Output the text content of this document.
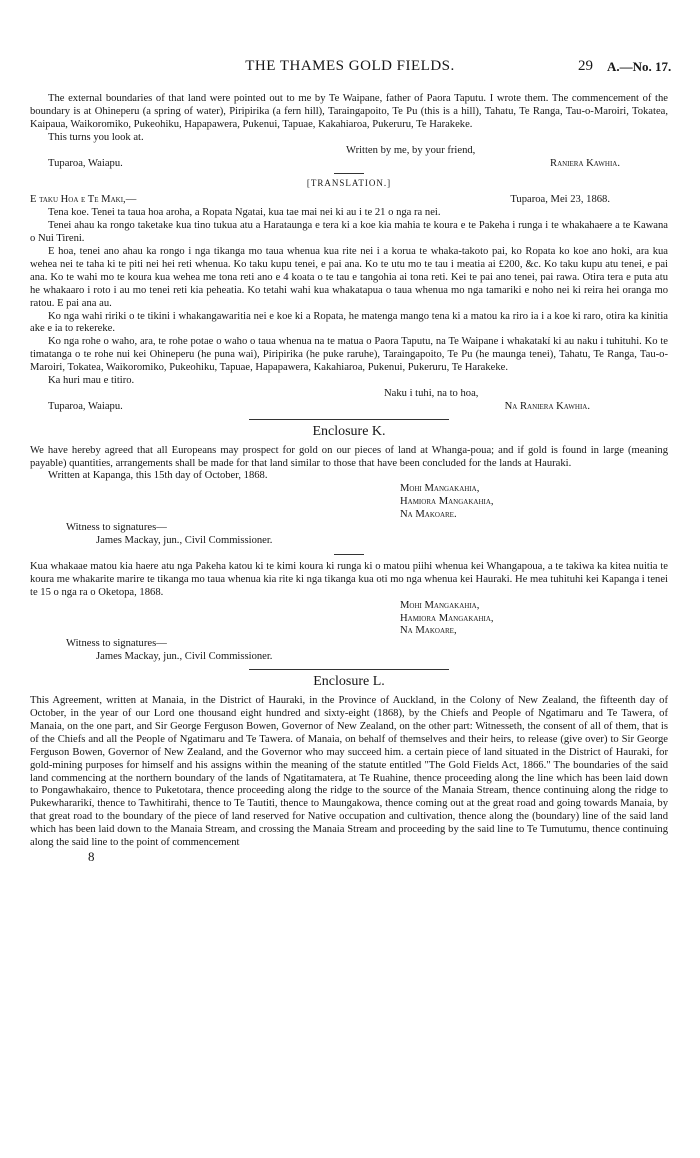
THE THAMES GOLD FIELDS.	29 A.—No. 17.

The external boundaries of that land were pointed out to me by Te Waipane, father of Paora Taputu. I wrote them. The commencement of the boundary is at Ohineperu (a spring of water), Piripirika (a fern hill), Taraingapoito, Te Pu (this is a hill), Tahatu, Te Ranga, Tau-o-Maroiri, Tokatea, Kaipaua, Waikoromiko, Pukeohiku, Hapapawera, Pukenui, Tapuae, Kakahiaroa, Pukeruru, Te Harakeke.

This turns you look at.

Written by me, by your friend,
Tuparoa, Waiapu.	Raniera Kawhia.
[TRANSLATION.]
E taku Hoa e Te Maki,—	Tuparoa, Mei 23, 1868.

Tena koe. Tenei ta taua hoa aroha, a Ropata Ngatai, kua tae mai nei ki au i te 21 o nga ra nei.

Tenei ahau ka rongo taketake kua tino tukua atu a Harataunga e tera ki a koe kia mahia te koura e te Pakeha i runga i te whakahaere a te Kawana o Nui Tireni.

E hoa, tenei ano ahau ka rongo i nga tikanga mo taua whenua kua rite nei i a korua te whaka-takoto pai, ko Ropata ko koe ano hoki, ara kua wehea nei te taha ki te piti nei hei reti whenua. Ko taku kupu tenei, e pai ana. Ko te utu mo te tau i meatia ai £200, &c. Ko taku kupu atu tenei, e pai ana. Ko te wahi mo te koura kua wehea me tona reti ano e 4 koata o te tau e tangohia ai tona reti. Kei te pai ano tenei, pai rawa. Otira tera e puta atu he whakaaro i roto i au mo tenei reti kia peheatia. Ko tetahi wahi kua whakatapua o taua whenua mo nga tamariki e noho nei ki reira hei oranga mo ratou. E pai ana au.

Ko nga wahi ririki o te tikini i whakangawaritia nei e koe ki a Ropata, he matenga mango tena ki a matou ka riro ia i a koe ki raro, otira ka kinitia ake e ia to rekereke.

Ko nga rohe o waho, ara, te rohe potae o waho o taua whenua na te matua o Paora Taputu, na Te Waipane i whakatakí ki au naku i tuhituhi. Ko te timatanga o te rohe nui kei Ohineperu (he puna wai), Piripirika (he puke raruhe), Taraingapoito, Te Pu (he maunga tenei), Tahatu, Te Ranga, Tau-o-Maroiri, Tokatea, Waikoromiko, Pukeohiku, Tapuae, Hapapawera, Kakahiaroa, Pukenui, Pukeruru, Te Harakeke.

Ka huri mau e titiro.

Naku i tuhi, na to hoa,
Tuparoa, Waiapu.	Na Raniera Kawhia.
Enclosure K.

We have hereby agreed that all Europeans may prospect for gold on our pieces of land at Whanga-poua; and if gold is found in large (meaning payable) quantities, arrangements shall be made for that land similar to those that have been concluded for the lands at Hauraki.

Written at Kapanga, this 15th day of October, 1868.

Mohi Mangakahia,
Hamiora Mangakahia,
Na Makoare.
Witness to signatures—
James Mackay, jun., Civil Commissioner.

Kua whakaae matou kia haere atu nga Pakeha katou ki te kimi koura ki runga ki o matou piihi whenua kei Whangapoua, a te takiwa ka kitea nuitia te koura me whakarite marire te tikanga mo taua whenua kia rite ki nga tikanga kua oti mo nga whenua kei Hauraki. He mea tuhituhi kei Kapanga i tenei te 15 o nga ra o Oketopa, 1868.

Mohi Mangakahia,
Hamiora Mangakahia,
Na Makoare,
Witness to signatures—
James Mackay, jun., Civil Commissioner.
Enclosure L.

This Agreement, written at Manaia, in the District of Hauraki, in the Province of Auckland, in the Colony of New Zealand, the fifteenth day of October, in the year of our Lord one thousand eight hundred and sixty-eight (1868), by the Chiefs and People of Ngatimaru and Te Tawera, of Manaia, on the one part, and Sir George Ferguson Bowen, Governor of New Zealand, on the other part: Witnesseth, the consent of all of them, that is of the Chiefs and all the People of Ngatimaru and Te Tawera. of Manaia, on behalf of themselves and their heirs, to release (give over) to Sir George Ferguson Bowen, Governor of New Zealand, and the Governor who may succeed him. a certain piece of land situated in the District of Hauraki, for gold-mining purposes for himself and his assigns within the meaning of the statute entitled "The Gold Fields Act, 1866." The boundaries of the said land commencing at the northern boundary of the lands of Ngatitamatera, at Te Ruahine, thence proceeding along the line which has been laid down to Pongawhakairo, thence to Puketotara, thence proceeding along the ridge to the source of the Manaia Stream, thence continuing along the ridge to Pukewhararikí, thence to Tawhitirahi, thence to Te Tautiti, thence to Maungakowa, thence coming out at the great road and going towards Manaia, by that great road to the boundary of the piece of land reserved for Native occupation and cultivation, thence along the (boundary) line of the said land which has been laid down to the Manaia Stream, and crossing the Manaia Stream and proceeding by the said line to Te Tumutumu, thence continuing along the said line to the point of commencement

8
